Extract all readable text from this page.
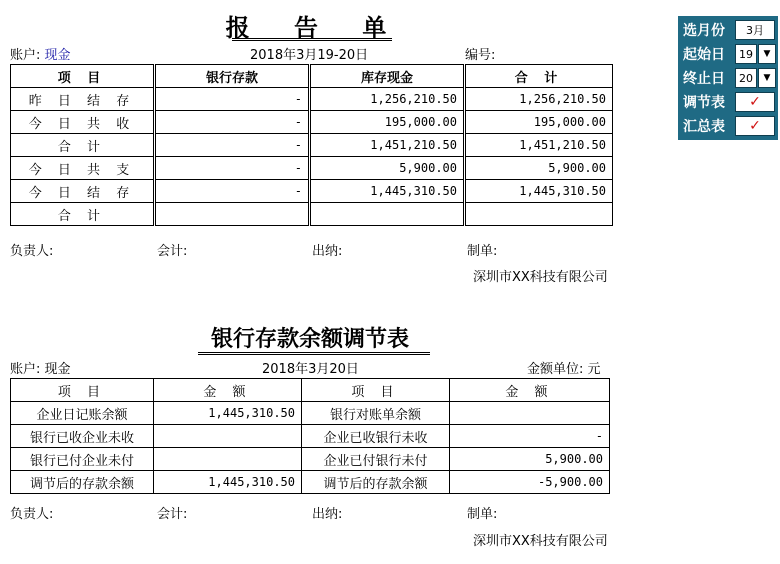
报 告 单
账户: 现金	2018年3月19-20日	编号:
项 目	银行存款	库存现金	合 计
昨 日 结 存	-	1,256,210.50	1,256,210.50
今 日 共 收	-	195,000.00	195,000.00
合 计	-	1,451,210.50	1,451,210.50
今 日 共 支	-	5,900.00	5,900.00
今 日 结 存	-	1,445,310.50	1,445,310.50
合 计			
负责人:	会计:	出纳:	制单:
深圳市XX科技有限公司
银行存款余额调节表
账户: 现金	2018年3月20日	金额单位: 元
项 目	金 额	项 目	金 额
企业日记账余额	1,445,310.50	银行对账单余额	
银行已收企业未收		企业已收银行未收	-
银行已付企业未付		企业已付银行未付	5,900.00
调节后的存款余额	1,445,310.50	调节后的存款余额	-5,900.00
负责人:	会计:	出纳:	制单:
深圳市XX科技有限公司
选月份	3月
起始日	19	▼
终止日	20	▼
调节表	✓
汇总表	✓
